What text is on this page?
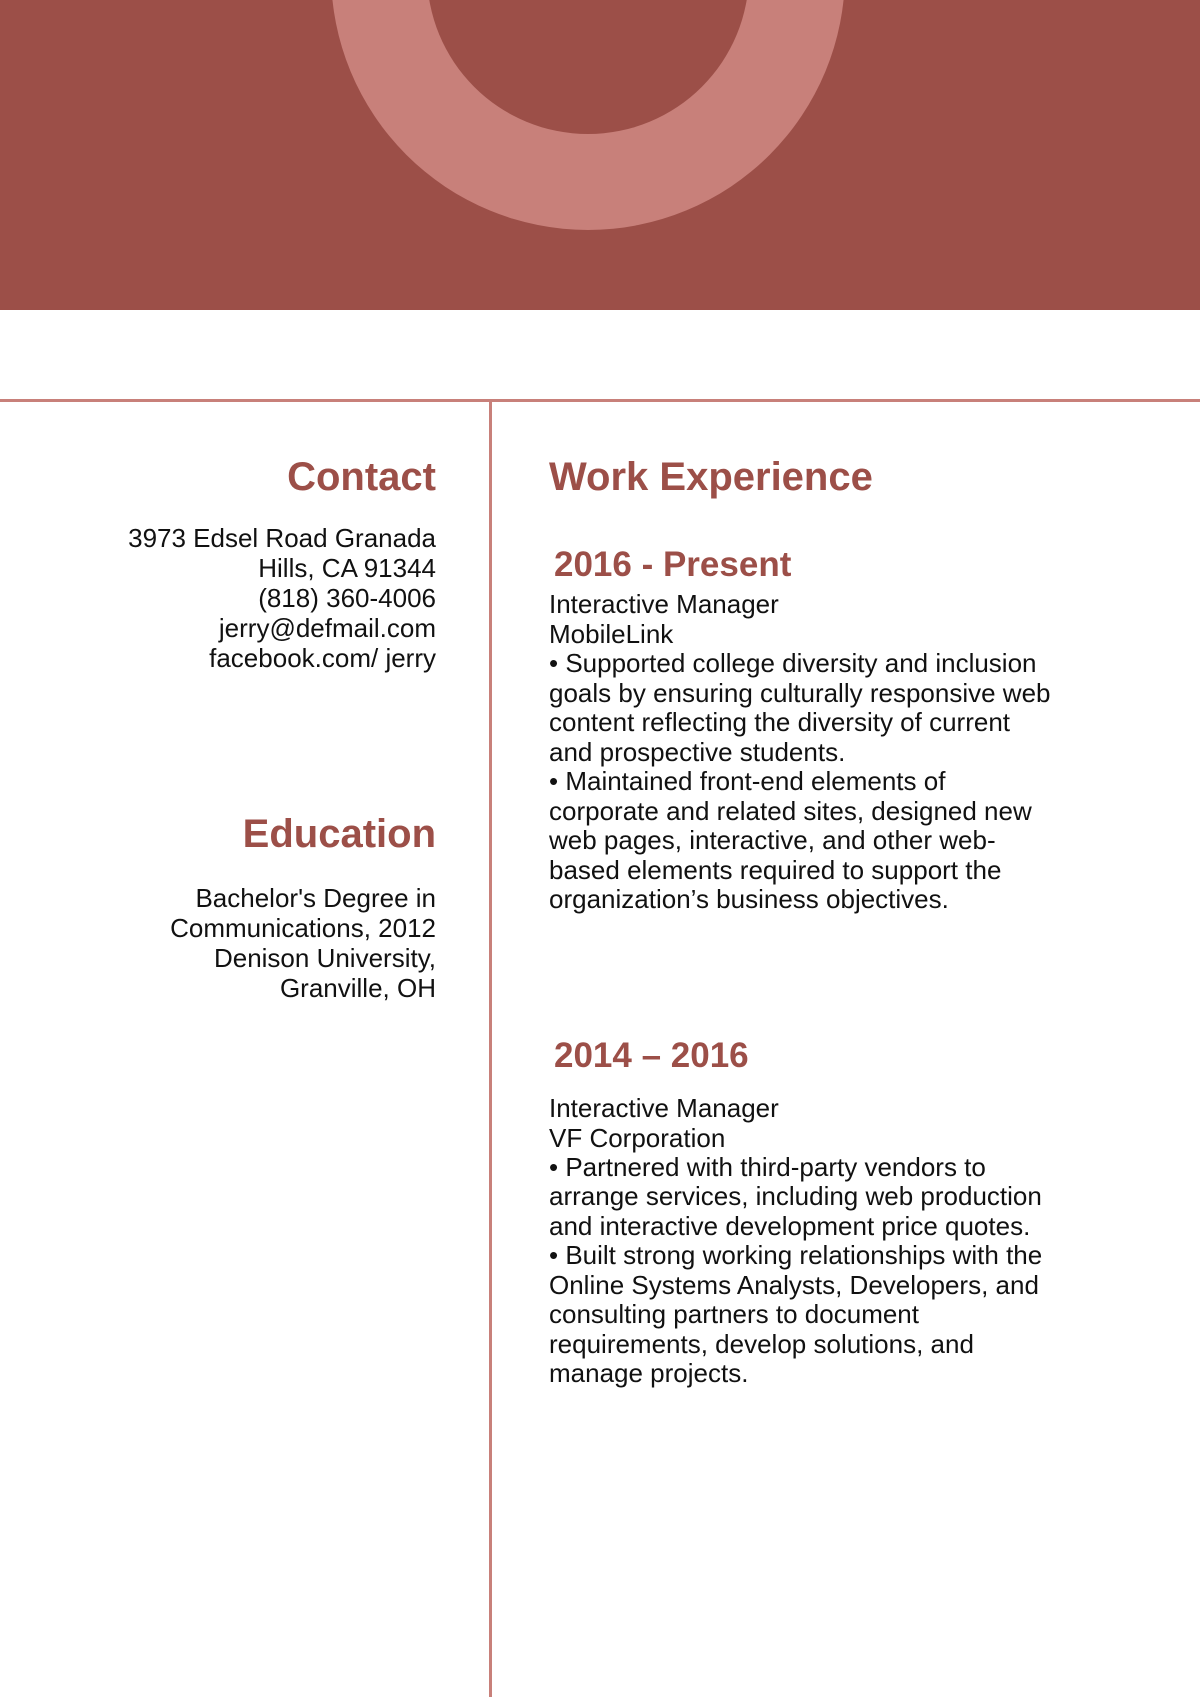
Contact
3973 Edsel Road Granada
Hills, CA 91344
(818) 360-4006
jerry@defmail.com
facebook.com/ jerry
Education
Bachelor's Degree in
Communications, 2012
Denison University,
Granville, OH
Work Experience
2016 - Present
Interactive Manager
MobileLink
• Supported college diversity and inclusion
goals by ensuring culturally responsive web
content reflecting the diversity of current
and prospective students.
• Maintained front-end elements of
corporate and related sites, designed new
web pages, interactive, and other web-
based elements required to support the
organization’s business objectives.
2014 – 2016
Interactive Manager
VF Corporation
• Partnered with third-party vendors to
arrange services, including web production
and interactive development price quotes.
• Built strong working relationships with the
Online Systems Analysts, Developers, and
consulting partners to document
requirements, develop solutions, and
manage projects.
